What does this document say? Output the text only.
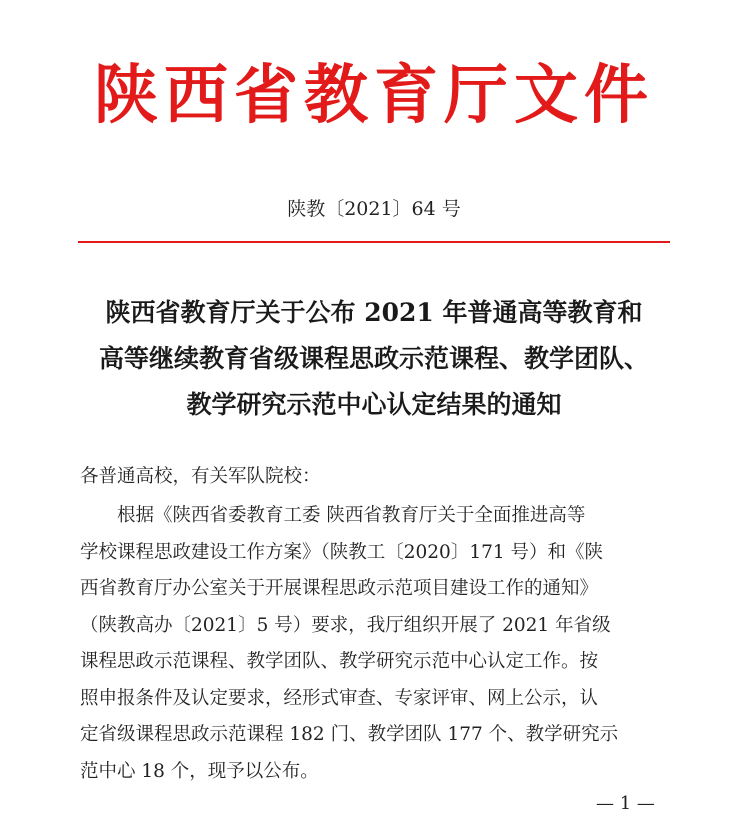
陕西省教育厅文件
陕教〔2021〕64 号
陕西省教育厅关于公布 2021 年普通高等教育和
高等继续教育省级课程思政示范课程、教学团队、
教学研究示范中心认定结果的通知
各普通高校，有关军队院校：
　　根据《陕西省委教育工委 陕西省教育厅关于全面推进高等
学校课程思政建设工作方案》（陕教工〔2020〕171 号）和《陕
西省教育厅办公室关于开展课程思政示范项目建设工作的通知》
（陕教高办〔2021〕5 号）要求，我厅组织开展了 2021 年省级
课程思政示范课程、教学团队、教学研究示范中心认定工作。按
照申报条件及认定要求，经形式审查、专家评审、网上公示，认
定省级课程思政示范课程 182 门、教学团队 177 个、教学研究示
范中心 18 个，现予以公布。
— 1 —
